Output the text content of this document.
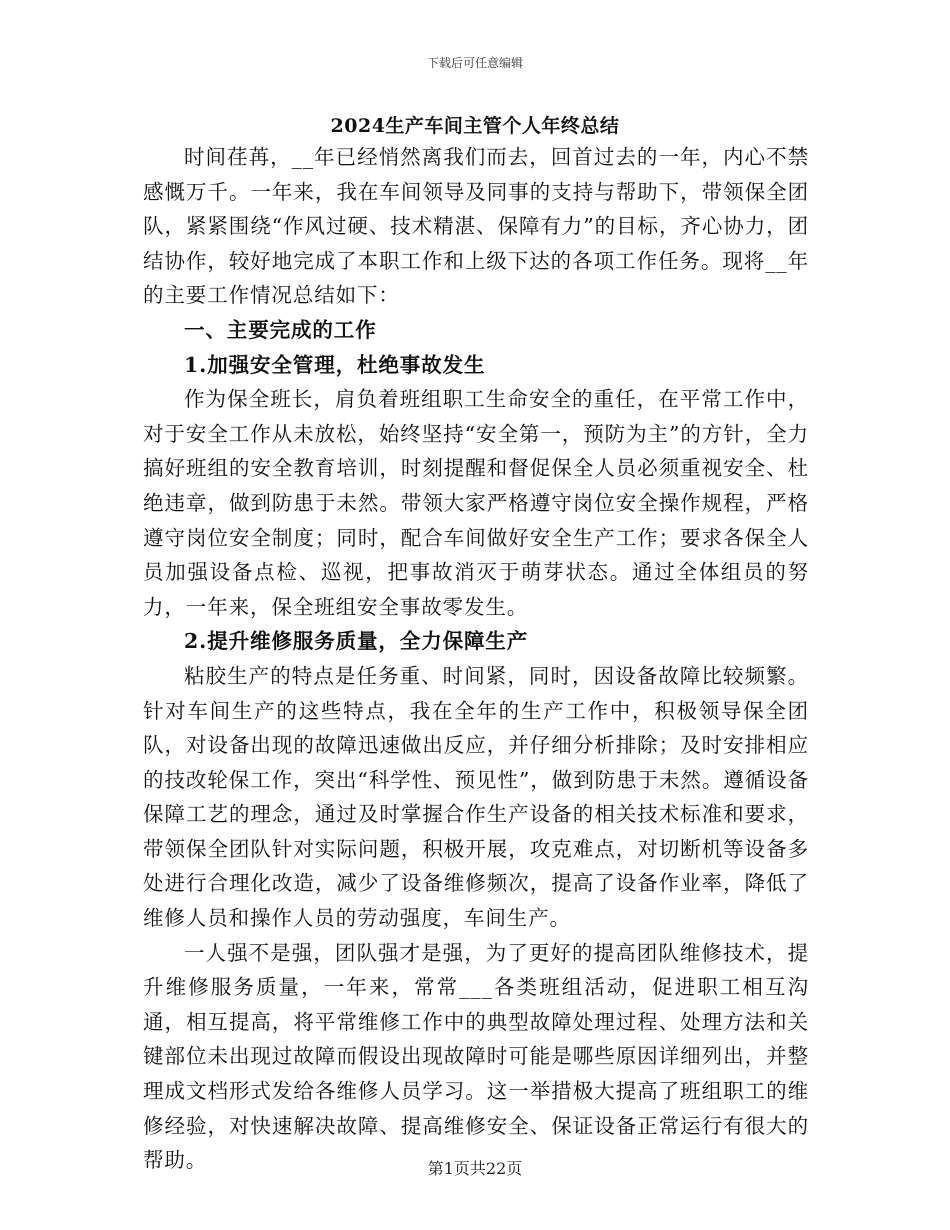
下载后可任意编辑
2024生产车间主管个人年终总结

时间荏苒，__年已经悄然离我们而去，回首过去的一年，内心不禁感慨万千。一年来，我在车间领导及同事的支持与帮助下，带领保全团队，紧紧围绕“作风过硬、技术精湛、保障有力”的目标，齐心协力，团结协作，较好地完成了本职工作和上级下达的各项工作任务。现将__年的主要工作情况总结如下：

一、主要完成的工作

1.加强安全管理，杜绝事故发生

作为保全班长，肩负着班组职工生命安全的重任，在平常工作中，对于安全工作从未放松，始终坚持“安全第一，预防为主”的方针，全力搞好班组的安全教育培训，时刻提醒和督促保全人员必须重视安全、杜绝违章，做到防患于未然。带领大家严格遵守岗位安全操作规程，严格遵守岗位安全制度；同时，配合车间做好安全生产工作；要求各保全人员加强设备点检、巡视，把事故消灭于萌芽状态。通过全体组员的努力，一年来，保全班组安全事故零发生。

2.提升维修服务质量，全力保障生产

粘胶生产的特点是任务重、时间紧，同时，因设备故障比较频繁。针对车间生产的这些特点，我在全年的生产工作中，积极领导保全团队，对设备出现的故障迅速做出反应，并仔细分析排除；及时安排相应的技改轮保工作，突出“科学性、预见性”，做到防患于未然。遵循设备保障工艺的理念，通过及时掌握合作生产设备的相关技术标准和要求，带领保全团队针对实际问题，积极开展，攻克难点，对切断机等设备多处进行合理化改造，减少了设备维修频次，提高了设备作业率，降低了维修人员和操作人员的劳动强度，车间生产。

一人强不是强，团队强才是强，为了更好的提高团队维修技术，提升维修服务质量，一年来，常常___各类班组活动，促进职工相互沟通，相互提高，将平常维修工作中的典型故障处理过程、处理方法和关键部位未出现过故障而假设出现故障时可能是哪些原因详细列出，并整理成文档形式发给各维修人员学习。这一举措极大提高了班组职工的维修经验，对快速解决故障、提高维修安全、保证设备正常运行有很大的帮助。	第1页共22页
